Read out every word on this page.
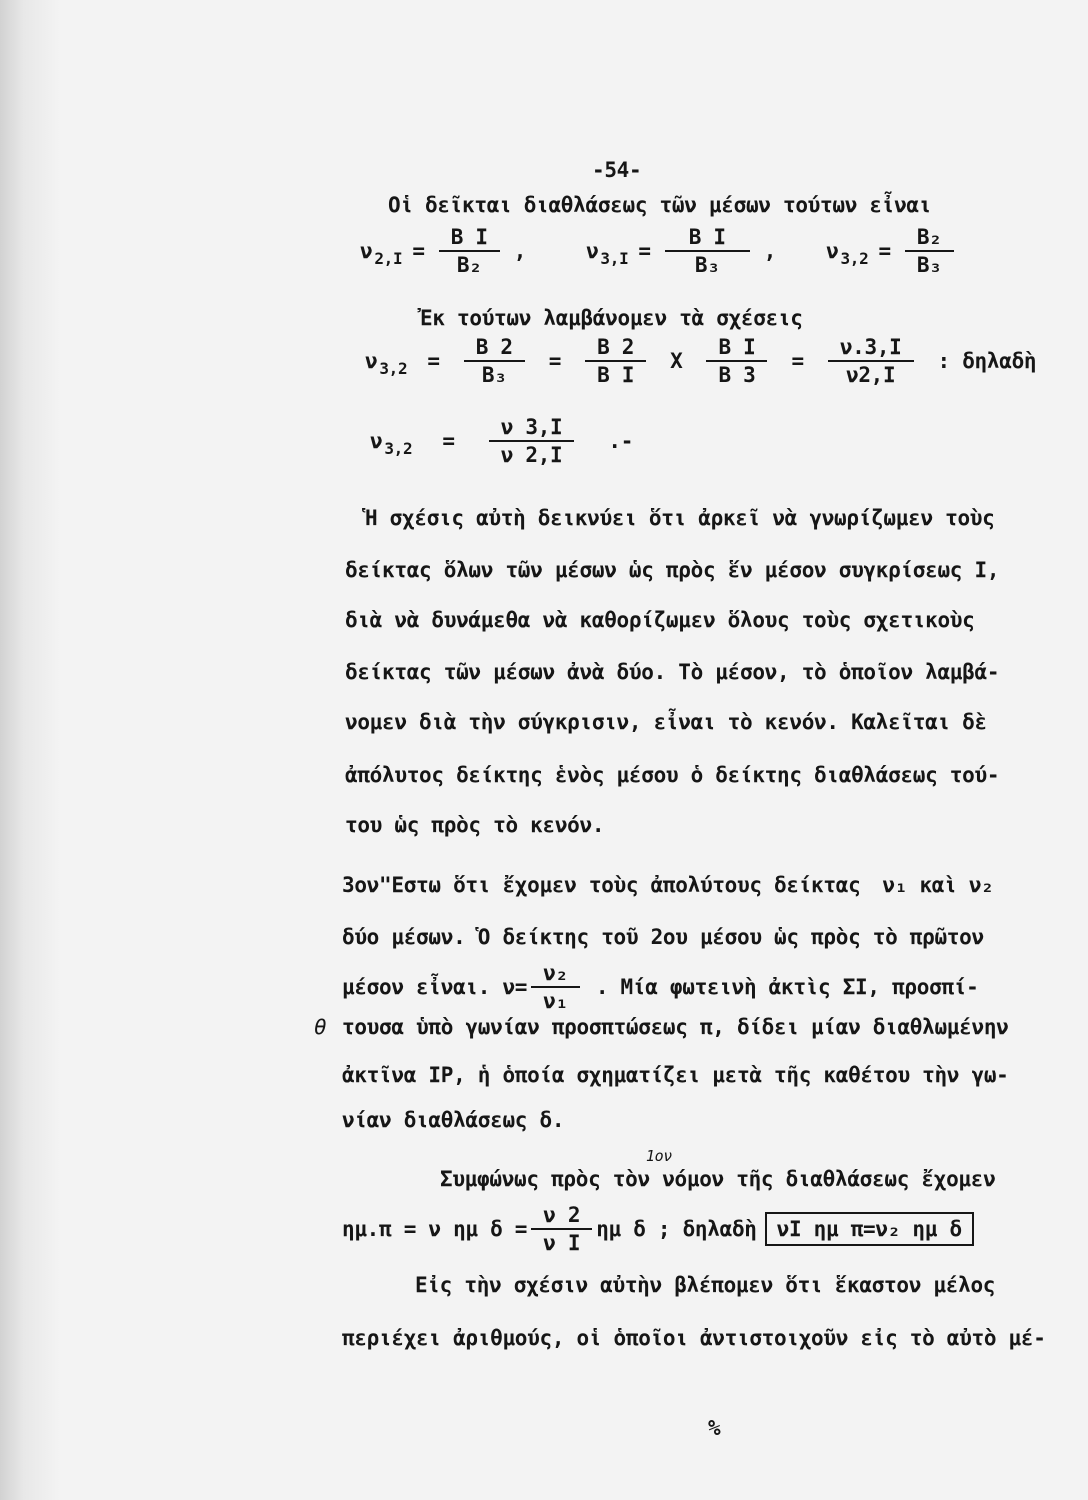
-54-
Οἱ δεῖκται διαθλάσεως τῶν μέσων τούτων εἶναι
ν $2,I = \frac{\text{Β Ι}}{\text{Β₂}}$ ,	ν $3,I = \frac{\text{Β Ι}}{\text{Β₃}}$ , ν $3,2 = \frac{\text{Β₂}}{\text{Β₃}}$
Ἐκ τούτων λαμβάνομεν τὰ σχέσεις
ν $3,2 = \frac{B 2}{\text{Β₃}} = \frac{B 2}{\text{Β Ι}}$ X $\frac{\text{Β Ι}}{B 3} = \frac{\nu.3,I}{\nu 2,I}$ : δηλαδὴ
ν $3,2 = \frac{\nu 3,I}{\nu 2,I}$ .-
Ἡ σχέσις αὐτὴ δεικνύει ὅτι ἀρκεῖ νὰ γνωρίζωμεν τοὺς
δείκτας ὅλων τῶν μέσων ὡς πρὸς ἕν μέσον συγκρίσεως Ι,
διὰ νὰ δυνάμεθα νὰ καθορίζωμεν ὅλους τοὺς σχετικοὺς
δείκτας τῶν μέσων ἀνὰ δύο. Τὸ μέσον, τὸ ὁποῖον λαμβά-
νομεν διὰ τὴν σύγκρισιν, εἶναι τὸ κενόν. Καλεῖται δὲ
ἀπόλυτος δείκτης ἑνὸς μέσου ὁ δείκτης διαθλάσεως τού-
του ὡς πρὸς τὸ κενόν.
3ον"Εστω ὅτι ἔχομεν τοὺς ἀπολύτους δείκτας ν₁ καὶ ν₂
δύο μέσων. Ὁ δείκτης τοῦ 2ου μέσου ὡς πρὸς τὸ πρῶτον
μέσον εἶναι. $\nu= \frac{\text{ν₂}}{\text{ν₁}}$ . Μία φωτεινὴ ἀκτὶς ΣΙ, προσπί-
θ τουσα ὑπὸ γωνίαν προσπτώσεως π, δίδει μίαν διαθλωμένην
ἀκτῖνα ΙΡ, ἡ ὁποία σχηματίζει μετὰ τῆς καθέτου τὴν γω-
νίαν διαθλάσεως δ.
Συμφώνως πρὸς τὸν
1ον
νόμον τῆς διαθλάσεως ἔχομεν
ημ.π = ν ημ $\delta = \frac{\nu 2}{\text{ν Ι}}$ ημ δ ; δηλαδὴ νΙ ημ π=ν₂ ημ δ
Εἰς τὴν σχέσιν αὐτὴν βλέπομεν ὅτι ἕκαστον μέλος
περιέχει ἀριθμούς, οἱ ὁποῖοι ἀντιστοιχοῦν εἰς τὸ αὐτὸ μέ-
%
